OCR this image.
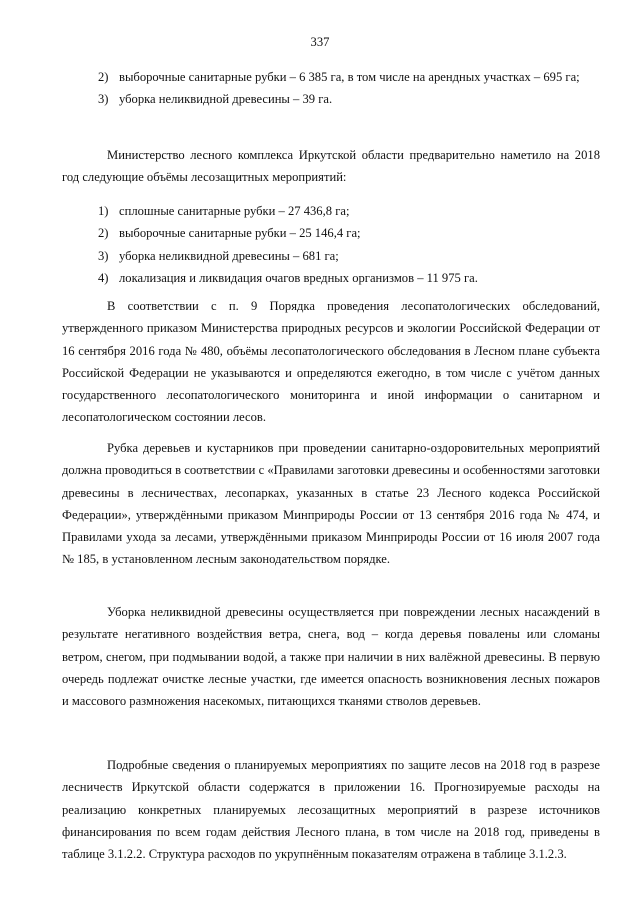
337
2) выборочные санитарные рубки – 6 385 га, в том числе на арендных участках – 695 га;
3) уборка неликвидной древесины – 39 га.

Министерство лесного комплекса Иркутской области предварительно наметило на 2018 год следующие объёмы лесозащитных мероприятий:

1) сплошные санитарные рубки – 27 436,8 га;
2) выборочные санитарные рубки – 25 146,4 га;
3) уборка неликвидной древесины – 681 га;
4) локализация и ликвидация очагов вредных организмов – 11 975 га.

В соответствии с п. 9 Порядка проведения лесопатологических обследований, утвержденного приказом Министерства природных ресурсов и экологии Российской Федерации от 16 сентября 2016 года № 480, объёмы лесопатологического обследования в Лесном плане субъекта Российской Федерации не указываются и определяются ежегодно, в том числе с учётом данных государственного лесопатологического мониторинга и иной информации о санитарном и лесопатологическом состоянии лесов.

Рубка деревьев и кустарников при проведении санитарно-оздоровительных мероприятий должна проводиться в соответствии с «Правилами заготовки древесины и особенностями заготовки древесины в лесничествах, лесопарках, указанных в статье 23 Лесного кодекса Российской Федерации», утверждёнными приказом Минприроды России от 13 сентября 2016 года № 474, и Правилами ухода за лесами, утверждёнными приказом Минприроды России от 16 июля 2007 года № 185, в установленном лесным законодательством порядке.

Уборка неликвидной древесины осуществляется при повреждении лесных насаждений в результате негативного воздействия ветра, снега, вод – когда деревья повалены или сломаны ветром, снегом, при подмывании водой, а также при наличии в них валёжной древесины. В первую очередь подлежат очистке лесные участки, где имеется опасность возникновения лесных пожаров и массового размножения насекомых, питающихся тканями стволов деревьев.

Подробные сведения о планируемых мероприятиях по защите лесов на 2018 год в разрезе лесничеств Иркутской области содержатся в приложении 16. Прогнозируемые расходы на реализацию конкретных планируемых лесозащитных мероприятий в разрезе источников финансирования по всем годам действия Лесного плана, в том числе на 2018 год, приведены в таблице 3.1.2.2. Структура расходов по укрупнённым показателям отражена в таблице 3.1.2.3.
